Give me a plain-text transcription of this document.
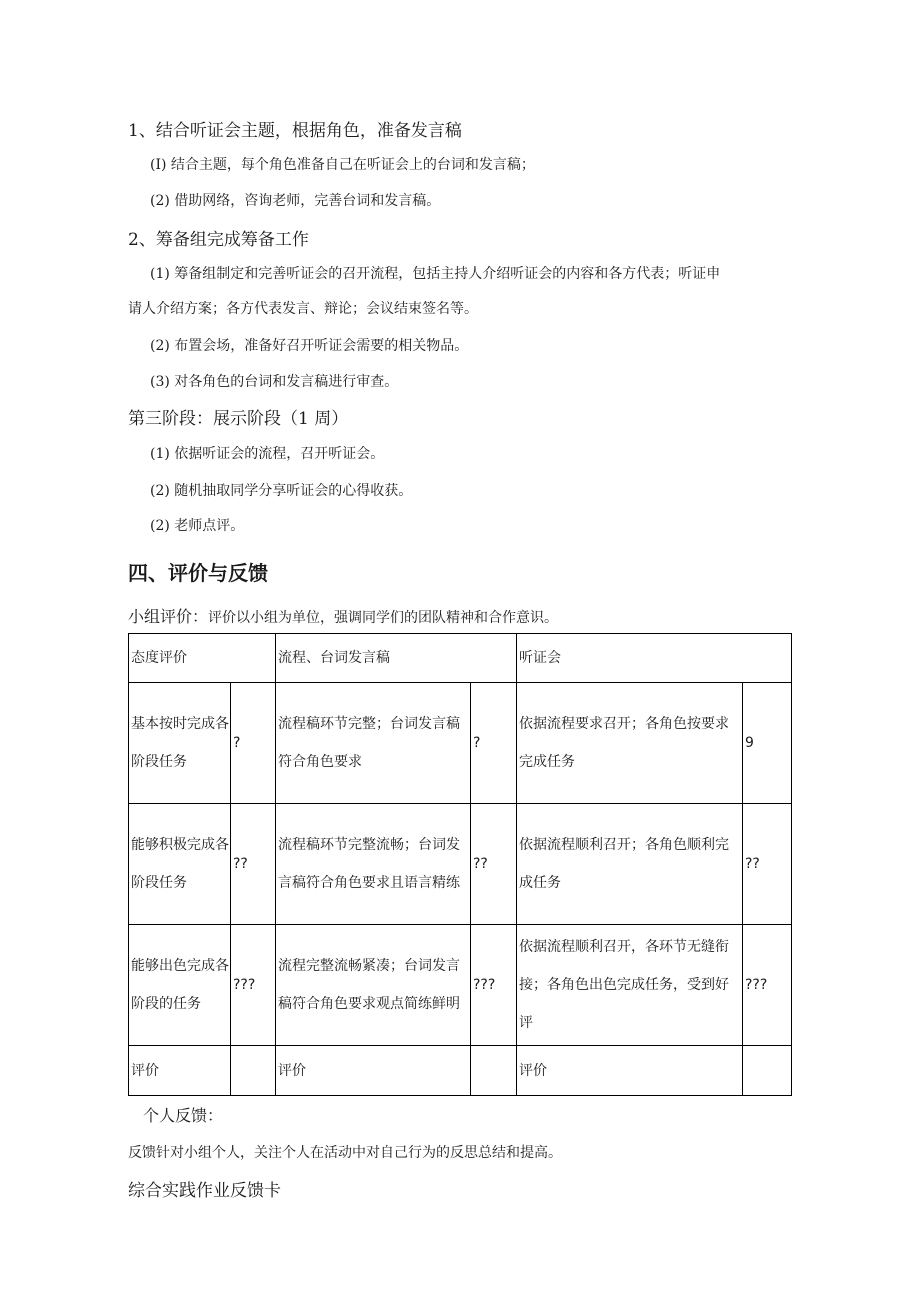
1、结合听证会主题，根据角色，准备发言稿
(I) 结合主题，每个角色准备自己在听证会上的台词和发言稿；
(2) 借助网络，咨询老师，完善台词和发言稿。
2、筹备组完成筹备工作
(1) 筹备组制定和完善听证会的召开流程，包括主持人介绍听证会的内容和各方代表；听证申
请人介绍方案；各方代表发言、辩论；会议结束签名等。
(2) 布置会场，准备好召开听证会需要的相关物品。
(3) 对各角色的台词和发言稿进行审查。
第三阶段：展示阶段（1 周）
(1) 依据听证会的流程，召开听证会。
(2) 随机抽取同学分享听证会的心得收获。
(2) 老师点评。
四、评价与反馈
小组评价：评价以小组为单位，强调同学们的团队精神和合作意识。
态度评价		流程、台词发言稿		听证会	

基本按时完成各阶段任务	?	流程稿环节完整；台词发言稿符合角色要求	?	依据流程要求召开；各角色按要求完成任务	9

能够积极完成各阶段任务	??	流程稿环节完整流畅；台词发言稿符合角色要求且语言精练	??	依据流程顺利召开；各角色顺利完成任务	??

能够出色完成各阶段的任务	???	流程完整流畅紧凑；台词发言稿符合角色要求观点简练鲜明	???	依据流程顺利召开，各环节无缝衔接；各角色出色完成任务，受到好评	???
评价		评价		评价	
个人反馈：
反馈针对小组个人，关注个人在活动中对自己行为的反思总结和提高。
综合实践作业反馈卡
